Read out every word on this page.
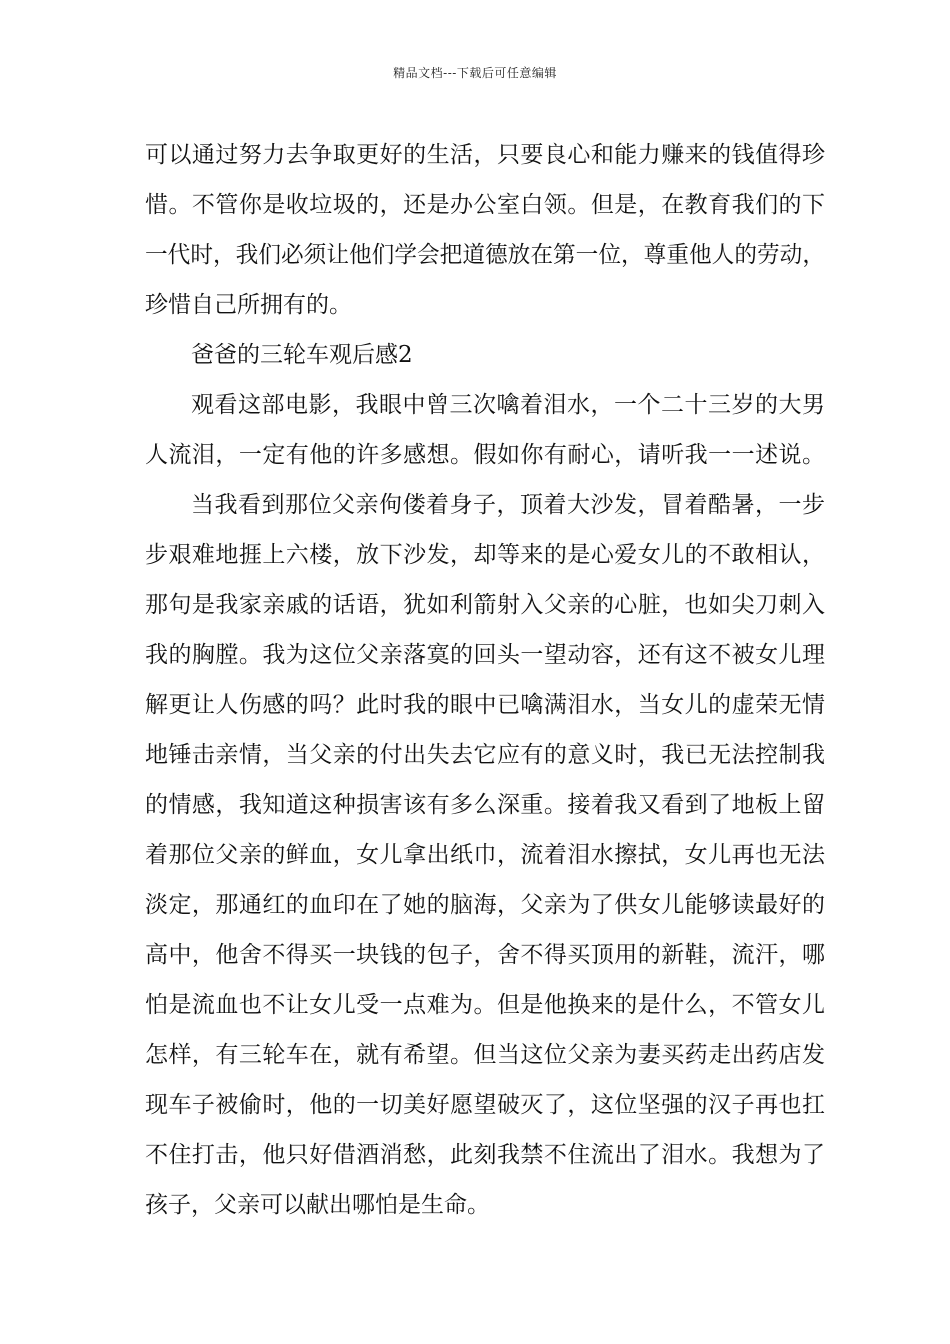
精品文档---下载后可任意编辑
可以通过努力去争取更好的生活，只要良心和能力赚来的钱值得珍
惜。不管你是收垃圾的，还是办公室白领。但是，在教育我们的下
一代时，我们必须让他们学会把道德放在第一位，尊重他人的劳动，
珍惜自己所拥有的。
爸爸的三轮车观后感2
观看这部电影，我眼中曾三次噙着泪水，一个二十三岁的大男
人流泪，一定有他的许多感想。假如你有耐心，请听我一一述说。
当我看到那位父亲佝偻着身子，顶着大沙发，冒着酷暑，一步
步艰难地捱上六楼，放下沙发，却等来的是心爱女儿的不敢相认，
那句是我家亲戚的话语，犹如利箭射入父亲的心脏，也如尖刀刺入
我的胸膛。我为这位父亲落寞的回头一望动容，还有这不被女儿理
解更让人伤感的吗？此时我的眼中已噙满泪水，当女儿的虚荣无情
地锤击亲情，当父亲的付出失去它应有的意义时，我已无法控制我
的情感，我知道这种损害该有多么深重。接着我又看到了地板上留
着那位父亲的鲜血，女儿拿出纸巾，流着泪水擦拭，女儿再也无法
淡定，那通红的血印在了她的脑海，父亲为了供女儿能够读最好的
高中，他舍不得买一块钱的包子，舍不得买顶用的新鞋，流汗，哪
怕是流血也不让女儿受一点难为。但是他换来的是什么，不管女儿
怎样，有三轮车在，就有希望。但当这位父亲为妻买药走出药店发
现车子被偷时，他的一切美好愿望破灭了，这位坚强的汉子再也扛
不住打击，他只好借酒消愁，此刻我禁不住流出了泪水。我想为了
孩子，父亲可以献出哪怕是生命。
